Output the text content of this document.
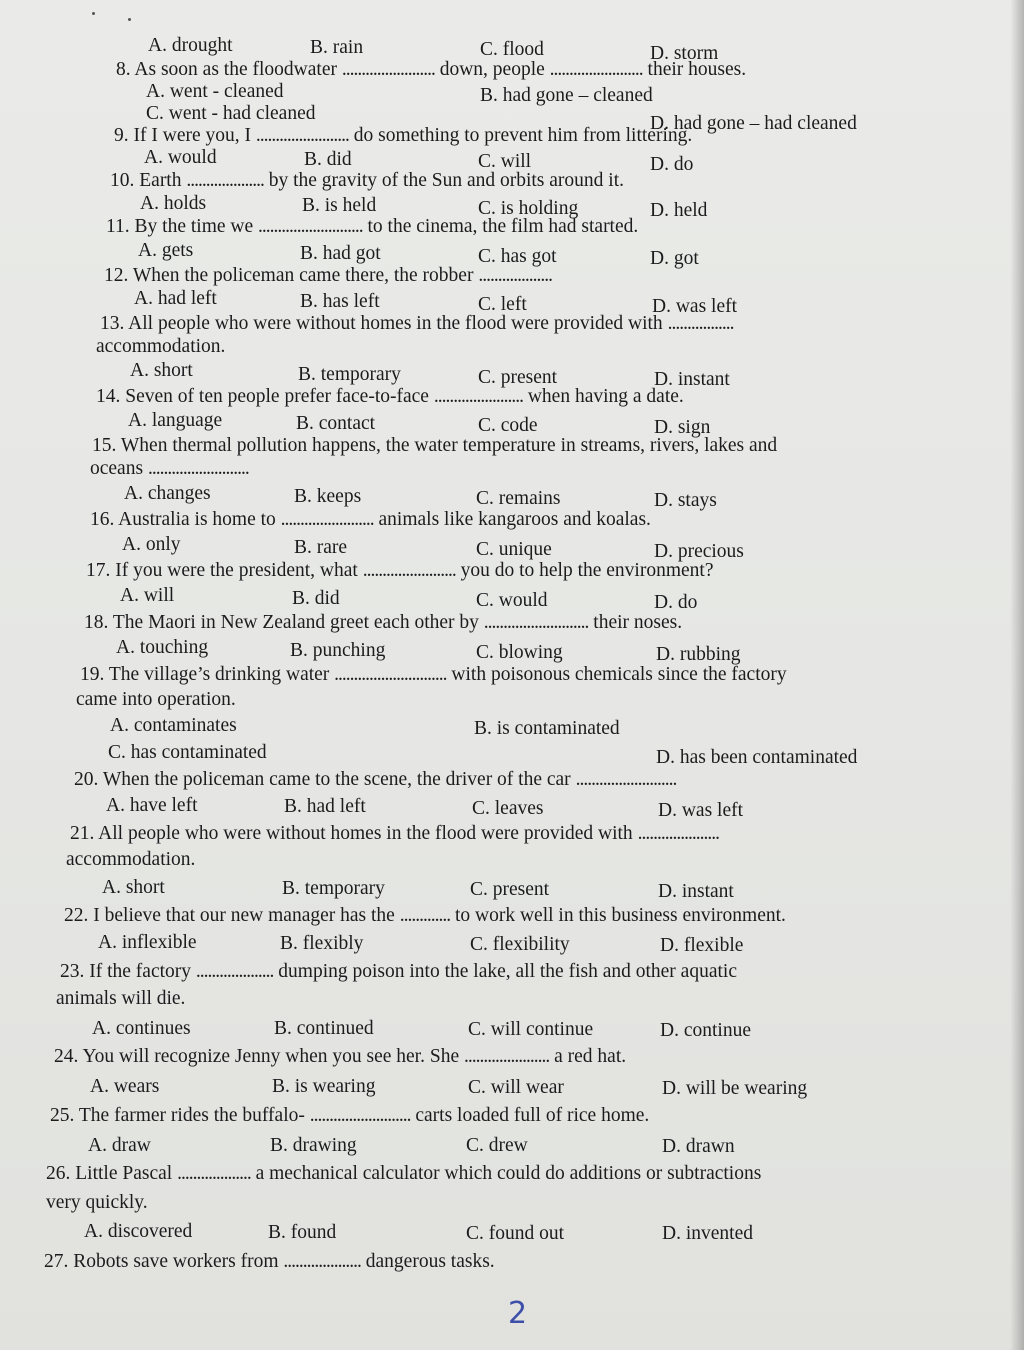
A. drought	B. rain	C. flood	D. storm
8. As soon as the floodwater ........................ down, people ........................ their houses.
A. went - cleaned	B. had gone – cleaned
C. went - had cleaned	D. had gone – had cleaned
9. If I were you, I ........................ do something to prevent him from littering.
A. would	B. did	C. will	D. do
10. Earth .................... by the gravity of the Sun and orbits around it.
A. holds	B. is held	C. is holding	D. held
11. By the time we ........................... to the cinema, the film had started.
A. gets	B. had got	C. has got	D. got
12. When the policeman came there, the robber ...................
A. had left	B. has left	C. left	D. was left
13. All people who were without homes in the flood were provided with .................
accommodation.
A. short	B. temporary	C. present	D. instant
14. Seven of ten people prefer face-to-face ....................... when having a date.
A. language	B. contact	C. code	D. sign
15. When thermal pollution happens, the water temperature in streams, rivers, lakes and
oceans ..........................
A. changes	B. keeps	C. remains	D. stays
16. Australia is home to ........................ animals like kangaroos and koalas.
A. only	B. rare	C. unique	D. precious
17. If you were the president, what ........................ you do to help the environment?
A. will	B. did	C. would	D. do
18. The Maori in New Zealand greet each other by ........................... their noses.
A. touching	B. punching	C. blowing	D. rubbing
19. The village’s drinking water ............................. with poisonous chemicals since the factory
came into operation.
A. contaminates	B. is contaminated
C. has contaminated	D. has been contaminated
20. When the policeman came to the scene, the driver of the car ..........................
A. have left	B. had left	C. leaves	D. was left
21. All people who were without homes in the flood were provided with .....................
accommodation.
A. short	B. temporary	C. present	D. instant
22. I believe that our new manager has the ............. to work well in this business environment.
A. inflexible	B. flexibly	C. flexibility	D. flexible
23. If the factory .................... dumping poison into the lake, all the fish and other aquatic
animals will die.
A. continues	B. continued	C. will continue	D. continue
24. You will recognize Jenny when you see her. She ...................... a red hat.
A. wears	B. is wearing	C. will wear	D. will be wearing
25. The farmer rides the buffalo- .......................... carts loaded full of rice home.
A. draw	B. drawing	C. drew	D. drawn
26. Little Pascal ................... a mechanical calculator which could do additions or subtractions
very quickly.
A. discovered	B. found	C. found out	D. invented
27. Robots save workers from .................... dangerous tasks.
2
